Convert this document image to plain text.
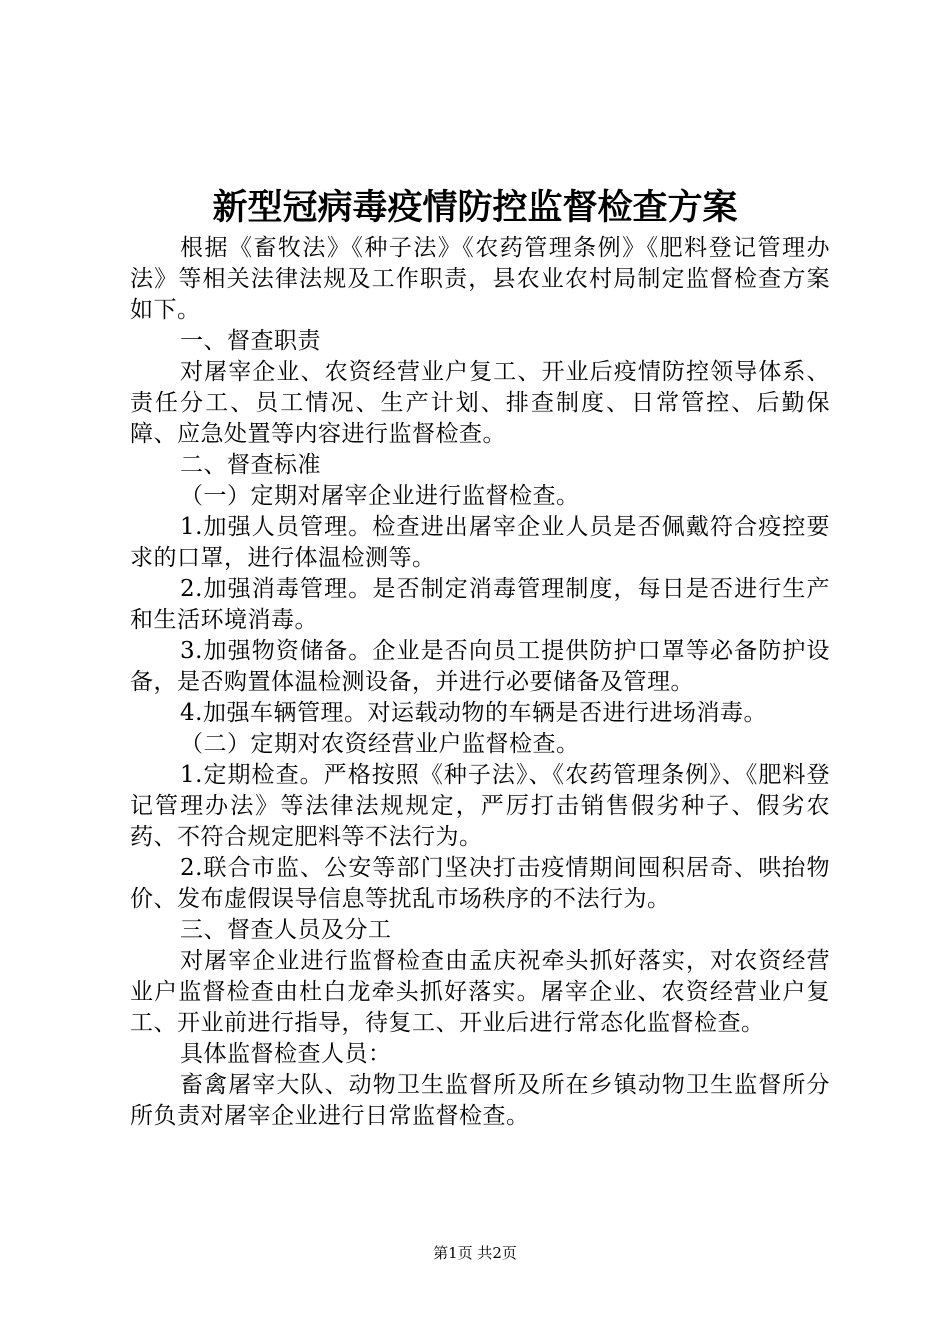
新型冠病毒疫情防控监督检查方案

根据《畜牧法》《种子法》《农药管理条例》《肥料登记管理办法》等相关法律法规及工作职责，县农业农村局制定监督检查方案如下。

一、督查职责

对屠宰企业、农资经营业户复工、开业后疫情防控领导体系、责任分工、员工情况、生产计划、排查制度、日常管控、后勤保障、应急处置等内容进行监督检查。

二、督查标准

（一）定期对屠宰企业进行监督检查。

1.加强人员管理。检查进出屠宰企业人员是否佩戴符合疫控要求的口罩，进行体温检测等。

2.加强消毒管理。是否制定消毒管理制度，每日是否进行生产和生活环境消毒。

3.加强物资储备。企业是否向员工提供防护口罩等必备防护设备，是否购置体温检测设备，并进行必要储备及管理。

4.加强车辆管理。对运载动物的车辆是否进行进场消毒。

（二）定期对农资经营业户监督检查。

1.定期检查。严格按照《种子法》、《农药管理条例》、《肥料登记管理办法》等法律法规规定，严厉打击销售假劣种子、假劣农药、不符合规定肥料等不法行为。

2.联合市监、公安等部门坚决打击疫情期间囤积居奇、哄抬物价、发布虚假误导信息等扰乱市场秩序的不法行为。

三、督查人员及分工

对屠宰企业进行监督检查由孟庆祝牵头抓好落实，对农资经营业户监督检查由杜白龙牵头抓好落实。屠宰企业、农资经营业户复工、开业前进行指导，待复工、开业后进行常态化监督检查。

具体监督检查人员：

畜禽屠宰大队、动物卫生监督所及所在乡镇动物卫生监督所分所负责对屠宰企业进行日常监督检查。

第1页 共2页
